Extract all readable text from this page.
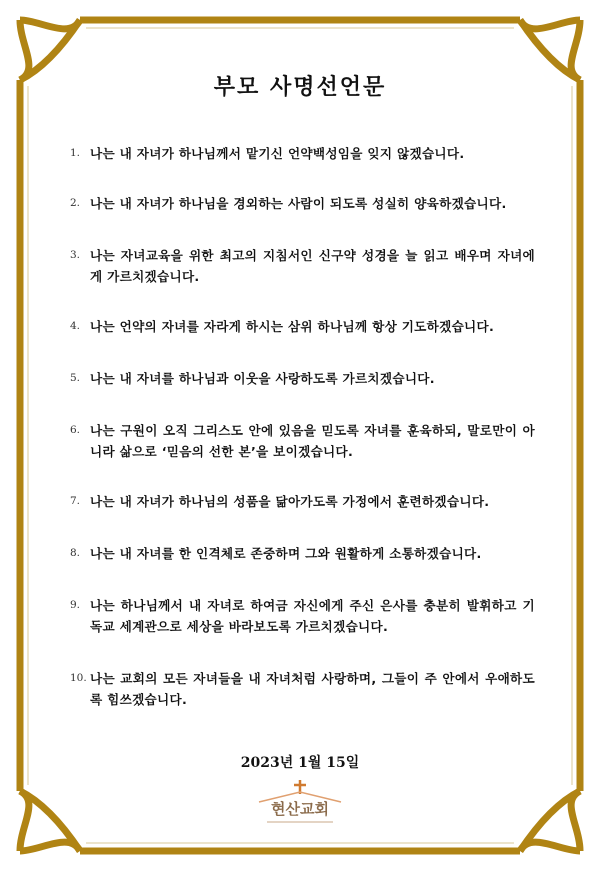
부모 사명선언문
1. 나는 내 자녀가 하나님께서 맡기신 언약백성임을 잊지 않겠습니다.
2. 나는 내 자녀가 하나님을 경외하는 사람이 되도록 성실히 양육하겠습니다.
3. 나는 자녀교육을 위한 최고의 지침서인 신구약 성경을 늘 읽고 배우며 자녀에게 가르치겠습니다.
4. 나는 언약의 자녀를 자라게 하시는 삼위 하나님께 항상 기도하겠습니다.
5. 나는 내 자녀를 하나님과 이웃을 사랑하도록 가르치겠습니다.
6. 나는 구원이 오직 그리스도 안에 있음을 믿도록 자녀를 훈육하되, 말로만이 아니라 삶으로 ‘믿음의 선한 본’을 보이겠습니다.
7. 나는 내 자녀가 하나님의 성품을 닮아가도록 가정에서 훈련하겠습니다.
8. 나는 내 자녀를 한 인격체로 존중하며 그와 원활하게 소통하겠습니다.
9. 나는 하나님께서 내 자녀로 하여금 자신에게 주신 은사를 충분히 발휘하고 기독교 세계관으로 세상을 바라보도록 가르치겠습니다.
10. 나는 교회의 모든 자녀들을 내 자녀처럼 사랑하며, 그들이 주 안에서 우애하도록 힘쓰겠습니다.
2023년 1월 15일
현산교회
